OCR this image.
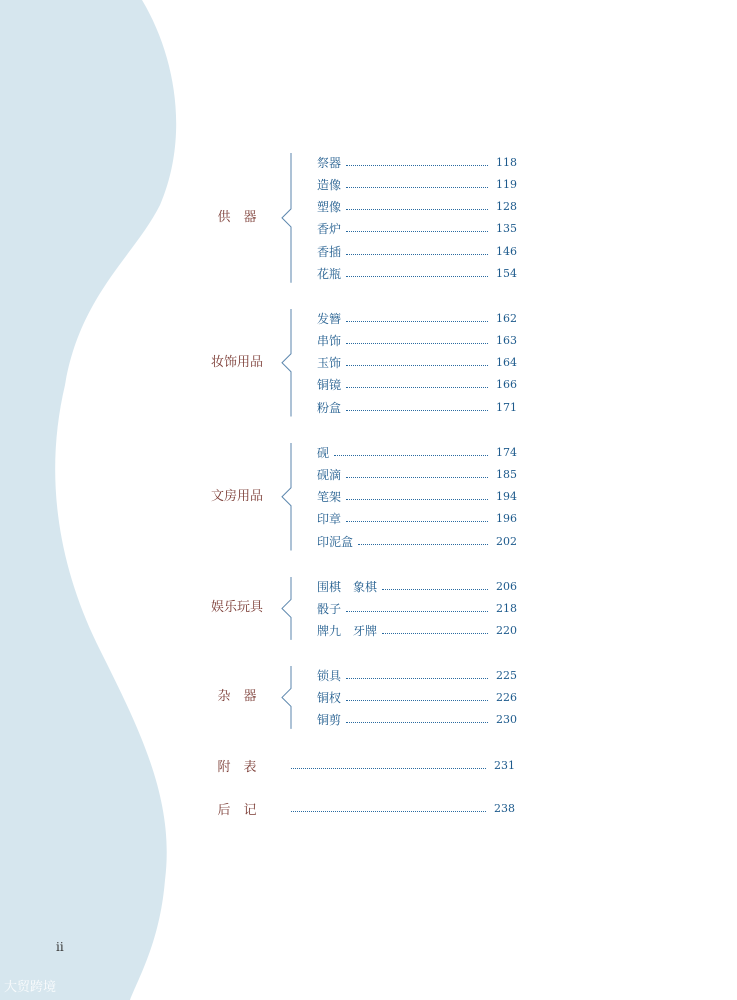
供　器
祭器	118
造像	119
塑像	128
香炉	135
香插	146
花瓶	154
妆饰用品
发簪	162
串饰	163
玉饰	164
铜镜	166
粉盒	171
文房用品
砚	174
砚滴	185
笔架	194
印章	196
印泥盒	202
娱乐玩具
围棋　象棋	206
骰子	218
牌九　牙牌	220
杂　器
锁具	225
铜杈	226
铜剪	230
附　表	231
后　记	238
ii
大贸跨境
